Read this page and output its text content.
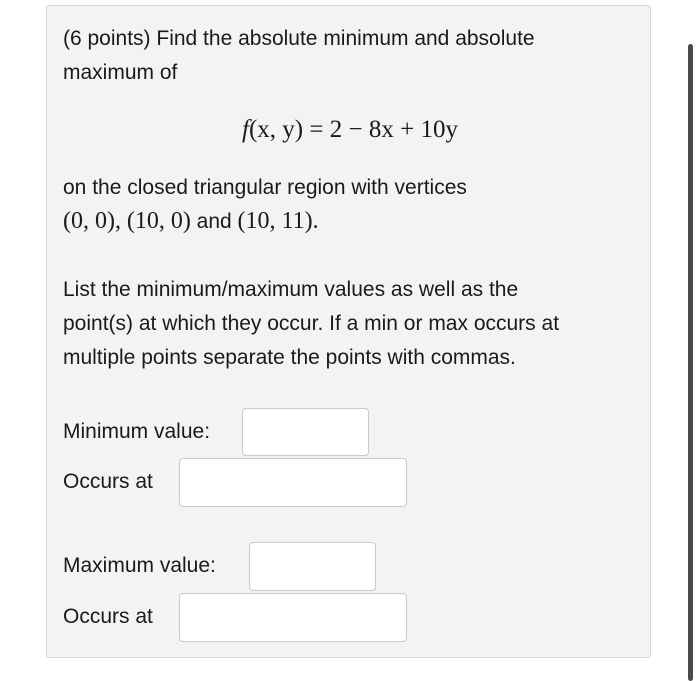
(6 points) Find the absolute minimum and absolute
maximum of
f(x, y) = 2 − 8x + 10y
on the closed triangular region with vertices
(0, 0), (10, 0) and (10, 11).
List the minimum/maximum values as well as the
point(s) at which they occur. If a min or max occurs at
multiple points separate the points with commas.
Minimum value:
Occurs at
Maximum value:
Occurs at
